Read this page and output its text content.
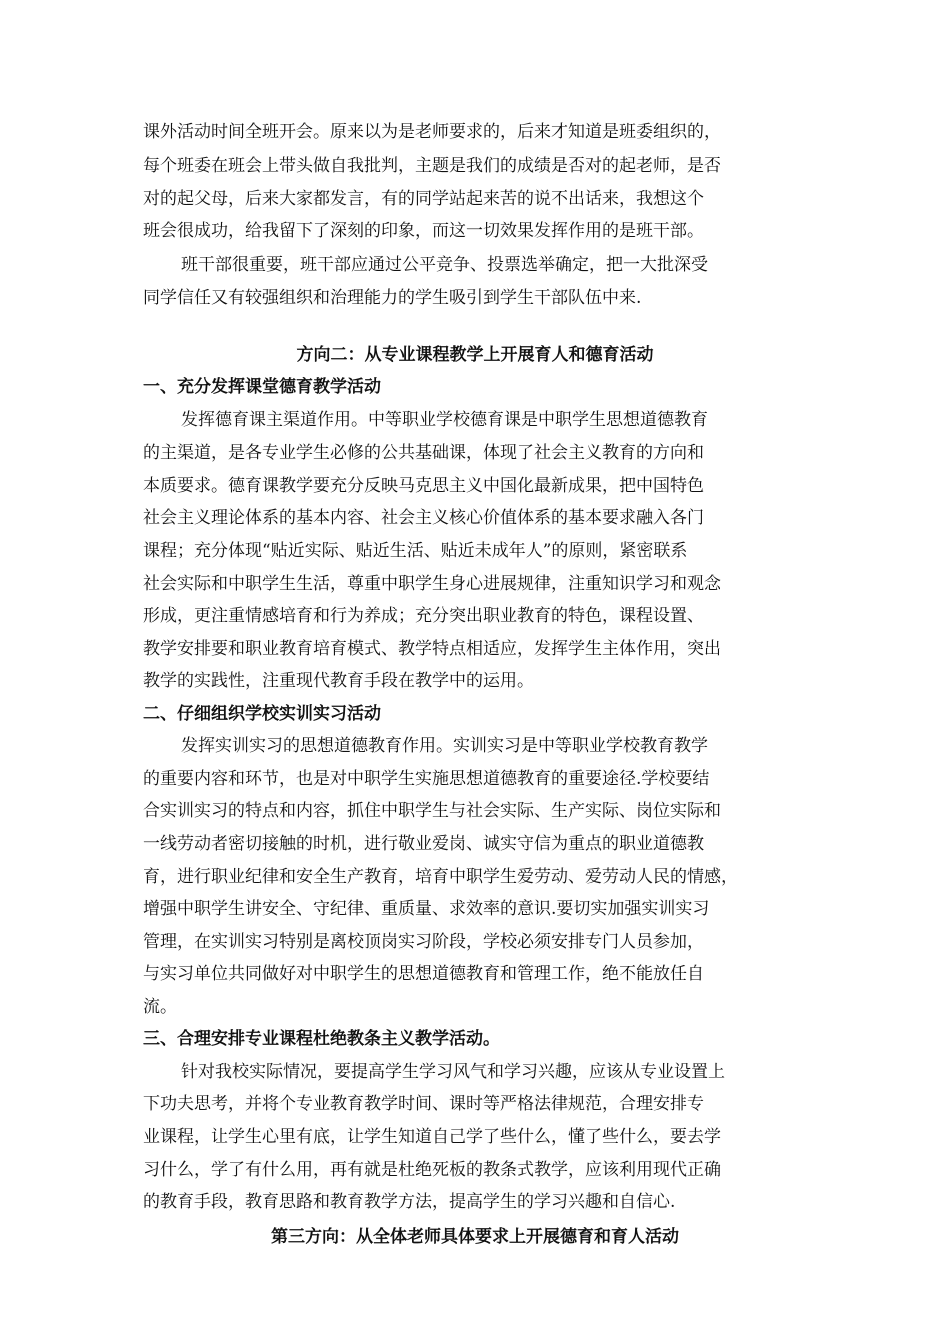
课外活动时间全班开会。原来以为是老师要求的，后来才知道是班委组织的，
每个班委在班会上带头做自我批判，主题是我们的成绩是否对的起老师，是否
对的起父母，后来大家都发言，有的同学站起来苦的说不出话来，我想这个
班会很成功，给我留下了深刻的印象，而这一切效果发挥作用的是班干部。
班干部很重要，班干部应通过公平竞争、投票选举确定，把一大批深受
同学信任又有较强组织和治理能力的学生吸引到学生干部队伍中来.
方向二：从专业课程教学上开展育人和德育活动
一、充分发挥课堂德育教学活动
发挥德育课主渠道作用。中等职业学校德育课是中职学生思想道德教育
的主渠道，是各专业学生必修的公共基础课，体现了社会主义教育的方向和
本质要求。德育课教学要充分反映马克思主义中国化最新成果，把中国特色
社会主义理论体系的基本内容、社会主义核心价值体系的基本要求融入各门
课程；充分体现“贴近实际、贴近生活、贴近未成年人”的原则，紧密联系
社会实际和中职学生生活，尊重中职学生身心进展规律，注重知识学习和观念
形成，更注重情感培育和行为养成；充分突出职业教育的特色，课程设置、
教学安排要和职业教育培育模式、教学特点相适应，发挥学生主体作用，突出
教学的实践性，注重现代教育手段在教学中的运用。
二、仔细组织学校实训实习活动
发挥实训实习的思想道德教育作用。实训实习是中等职业学校教育教学
的重要内容和环节，也是对中职学生实施思想道德教育的重要途径.学校要结
合实训实习的特点和内容，抓住中职学生与社会实际、生产实际、岗位实际和
一线劳动者密切接触的时机，进行敬业爱岗、诚实守信为重点的职业道德教
育，进行职业纪律和安全生产教育，培育中职学生爱劳动、爱劳动人民的情感，
增强中职学生讲安全、守纪律、重质量、求效率的意识.要切实加强实训实习
管理，在实训实习特别是离校顶岗实习阶段，学校必须安排专门人员参加，
与实习单位共同做好对中职学生的思想道德教育和管理工作，绝不能放任自
流。
三、合理安排专业课程杜绝教条主义教学活动。
针对我校实际情况，要提高学生学习风气和学习兴趣，应该从专业设置上
下功夫思考，并将个专业教育教学时间、课时等严格法律规范，合理安排专
业课程，让学生心里有底，让学生知道自己学了些什么，懂了些什么，要去学
习什么，学了有什么用，再有就是杜绝死板的教条式教学，应该利用现代正确
的教育手段，教育思路和教育教学方法，提高学生的学习兴趣和自信心.
第三方向：从全体老师具体要求上开展德育和育人活动
